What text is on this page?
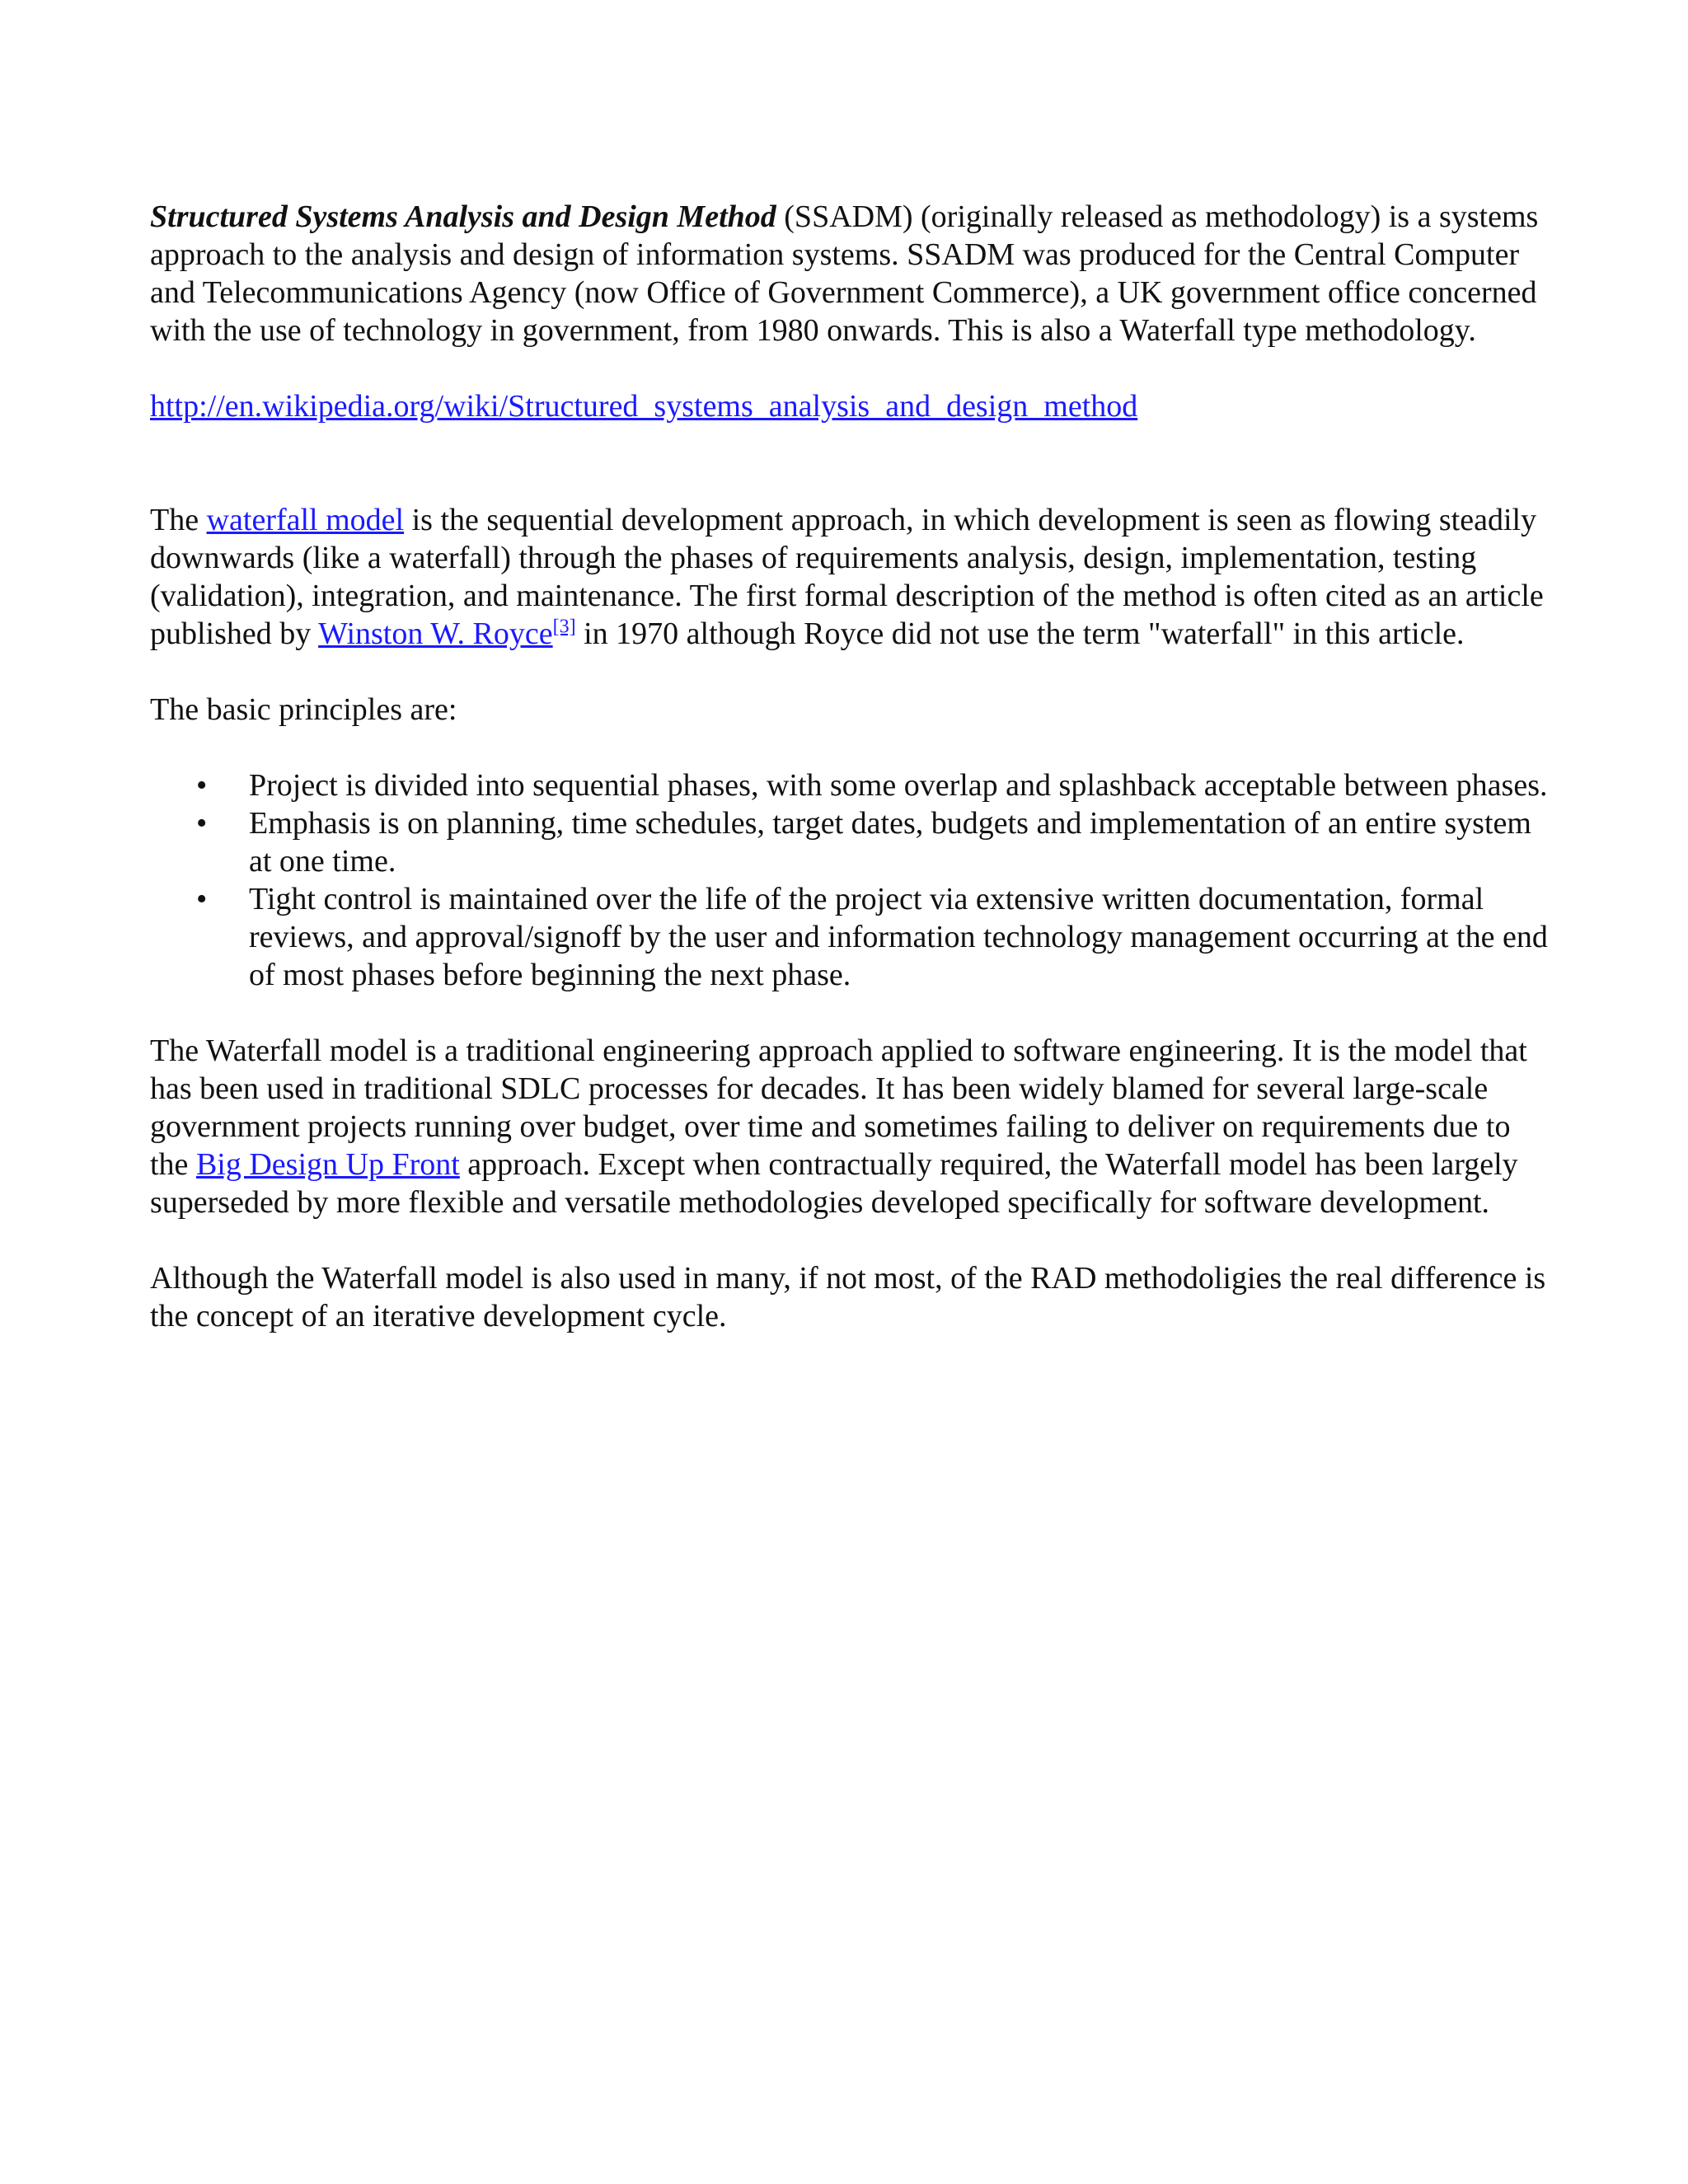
Structured Systems Analysis and Design Method (SSADM) (originally released as methodology) is a systems approach to the analysis and design of information systems. SSADM was produced for the Central Computer and Telecommunications Agency (now Office of Government Commerce), a UK government office concerned with the use of technology in government, from 1980 onwards. This is also a Waterfall type methodology.

http://en.wikipedia.org/wiki/Structured_systems_analysis_and_design_method

The waterfall model is the sequential development approach, in which development is seen as flowing steadily downwards (like a waterfall) through the phases of requirements analysis, design, implementation, testing (validation), integration, and maintenance. The first formal description of the method is often cited as an article published by Winston W. Royce[3] in 1970 although Royce did not use the term "waterfall" in this article.

The basic principles are:

• Project is divided into sequential phases, with some overlap and splashback acceptable between phases.
• Emphasis is on planning, time schedules, target dates, budgets and implementation of an entire system at one time.
• Tight control is maintained over the life of the project via extensive written documentation, formal reviews, and approval/signoff by the user and information technology management occurring at the end of most phases before beginning the next phase.

The Waterfall model is a traditional engineering approach applied to software engineering. It is the model that has been used in traditional SDLC processes for decades. It has been widely blamed for several large-scale government projects running over budget, over time and sometimes failing to deliver on requirements due to the Big Design Up Front approach. Except when contractually required, the Waterfall model has been largely superseded by more flexible and versatile methodologies developed specifically for software development.

Although the Waterfall model is also used in many, if not most, of the RAD methodoligies the real difference is the concept of an iterative development cycle.
